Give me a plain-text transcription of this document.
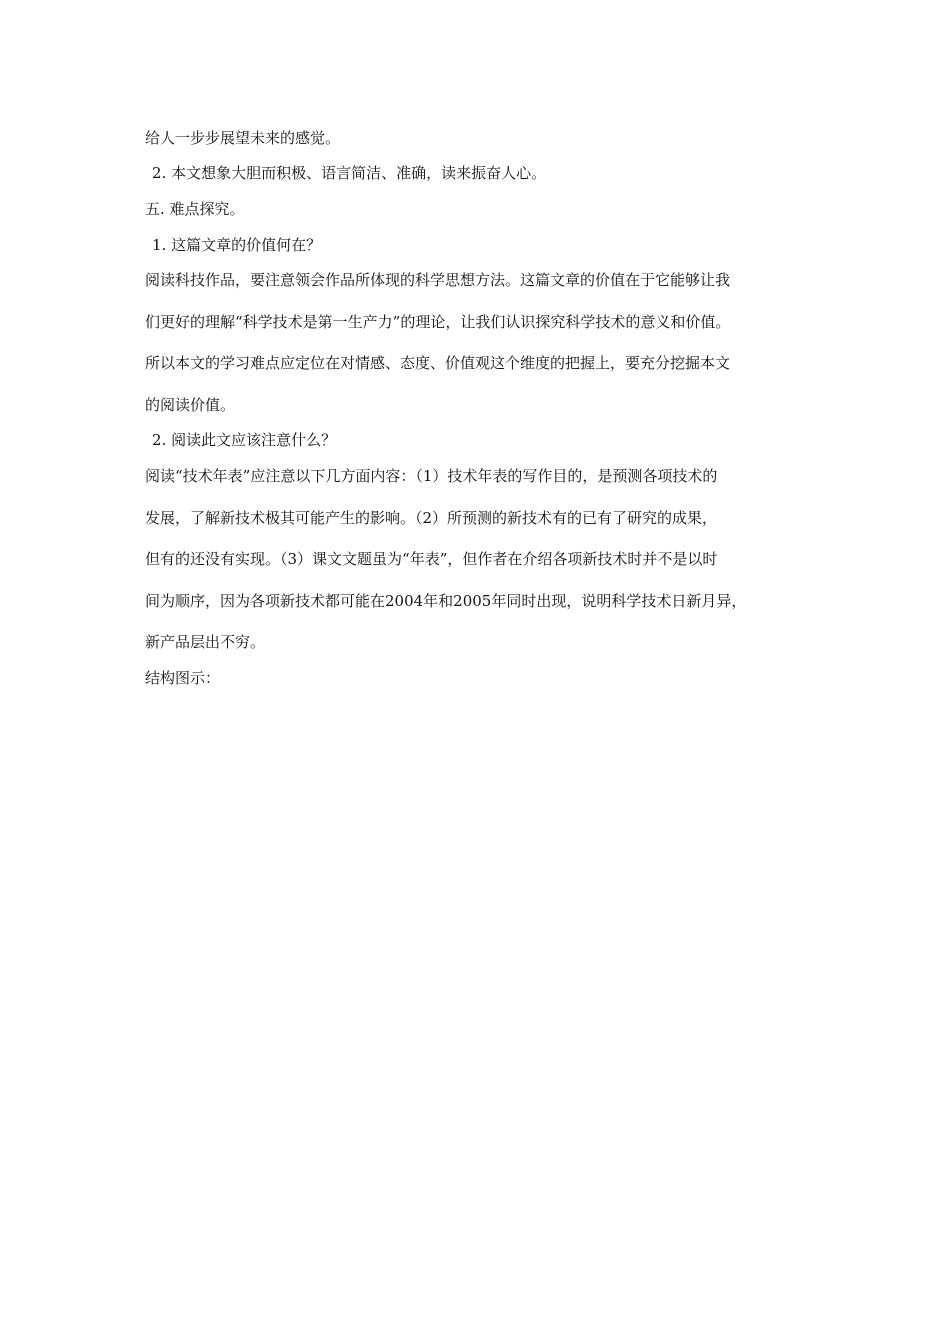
给人一步步展望未来的感觉。
2. 本文想象大胆而积极、语言简洁、准确，读来振奋人心。
五. 难点探究。
1. 这篇文章的价值何在？
阅读科技作品，要注意领会作品所体现的科学思想方法。这篇文章的价值在于它能够让我
们更好的理解“科学技术是第一生产力”的理论，让我们认识探究科学技术的意义和价值。
所以本文的学习难点应定位在对情感、态度、价值观这个维度的把握上，要充分挖掘本文
的阅读价值。
2. 阅读此文应该注意什么？
阅读“技术年表”应注意以下几方面内容：（1）技术年表的写作目的，是预测各项技术的
发展，了解新技术极其可能产生的影响。（2）所预测的新技术有的已有了研究的成果，
但有的还没有实现。（3）课文文题虽为“年表”，但作者在介绍各项新技术时并不是以时
间为顺序，因为各项新技术都可能在2004年和2005年同时出现，说明科学技术日新月异，
新产品层出不穷。
结构图示：
